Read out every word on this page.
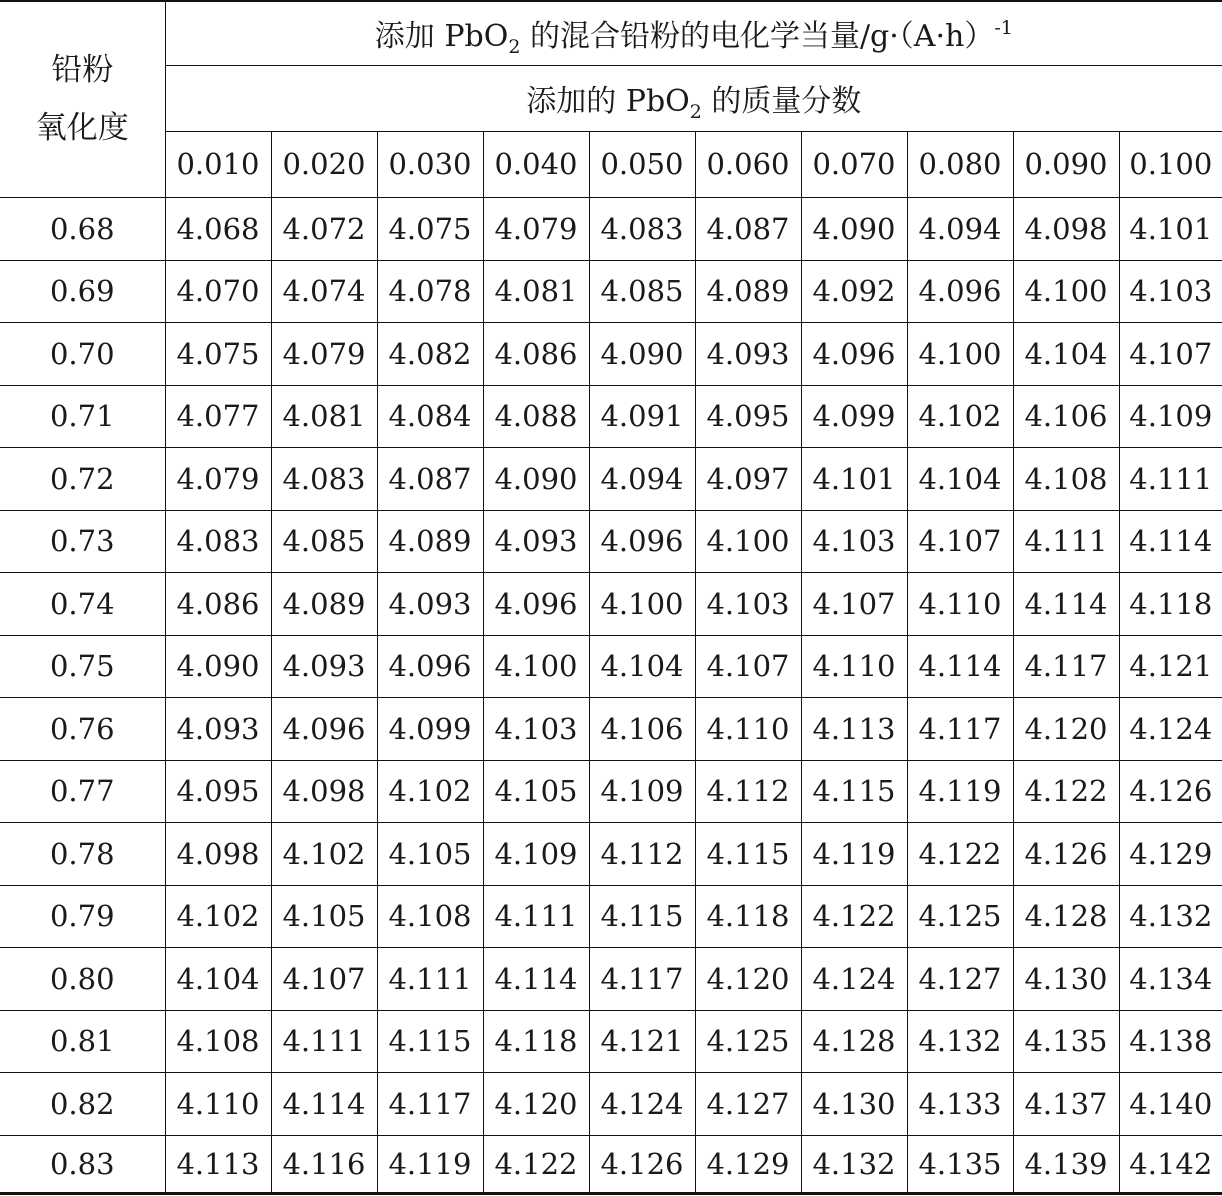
铅粉
氧化度	添加 PbO$_2$ 的混合铅粉的电化学当量$/g\cdot(A\cdot h)^{-1}$
	添加的 PbO$_2$ 的质量分数									
	0.010	0.020	0.030	0.040	0.050	0.060	0.070	0.080	0.090	0.100
0.68	4.068	4.072	4.075	4.079	4.083	4.087	4.090	4.094	4.098	4.101
0.69	4.070	4.074	4.078	4.081	4.085	4.089	4.092	4.096	4.100	4.103
0.70	4.075	4.079	4.082	4.086	4.090	4.093	4.096	4.100	4.104	4.107
0.71	4.077	4.081	4.084	4.088	4.091	4.095	4.099	4.102	4.106	4.109
0.72	4.079	4.083	4.087	4.090	4.094	4.097	4.101	4.104	4.108	4.111
0.73	4.083	4.085	4.089	4.093	4.096	4.100	4.103	4.107	4.111	4.114
0.74	4.086	4.089	4.093	4.096	4.100	4.103	4.107	4.110	4.114	4.118
0.75	4.090	4.093	4.096	4.100	4.104	4.107	4.110	4.114	4.117	4.121
0.76	4.093	4.096	4.099	4.103	4.106	4.110	4.113	4.117	4.120	4.124
0.77	4.095	4.098	4.102	4.105	4.109	4.112	4.115	4.119	4.122	4.126
0.78	4.098	4.102	4.105	4.109	4.112	4.115	4.119	4.122	4.126	4.129
0.79	4.102	4.105	4.108	4.111	4.115	4.118	4.122	4.125	4.128	4.132
0.80	4.104	4.107	4.111	4.114	4.117	4.120	4.124	4.127	4.130	4.134
0.81	4.108	4.111	4.115	4.118	4.121	4.125	4.128	4.132	4.135	4.138
0.82	4.110	4.114	4.117	4.120	4.124	4.127	4.130	4.133	4.137	4.140
0.83	4.113	4.116	4.119	4.122	4.126	4.129	4.132	4.135	4.139	4.142
